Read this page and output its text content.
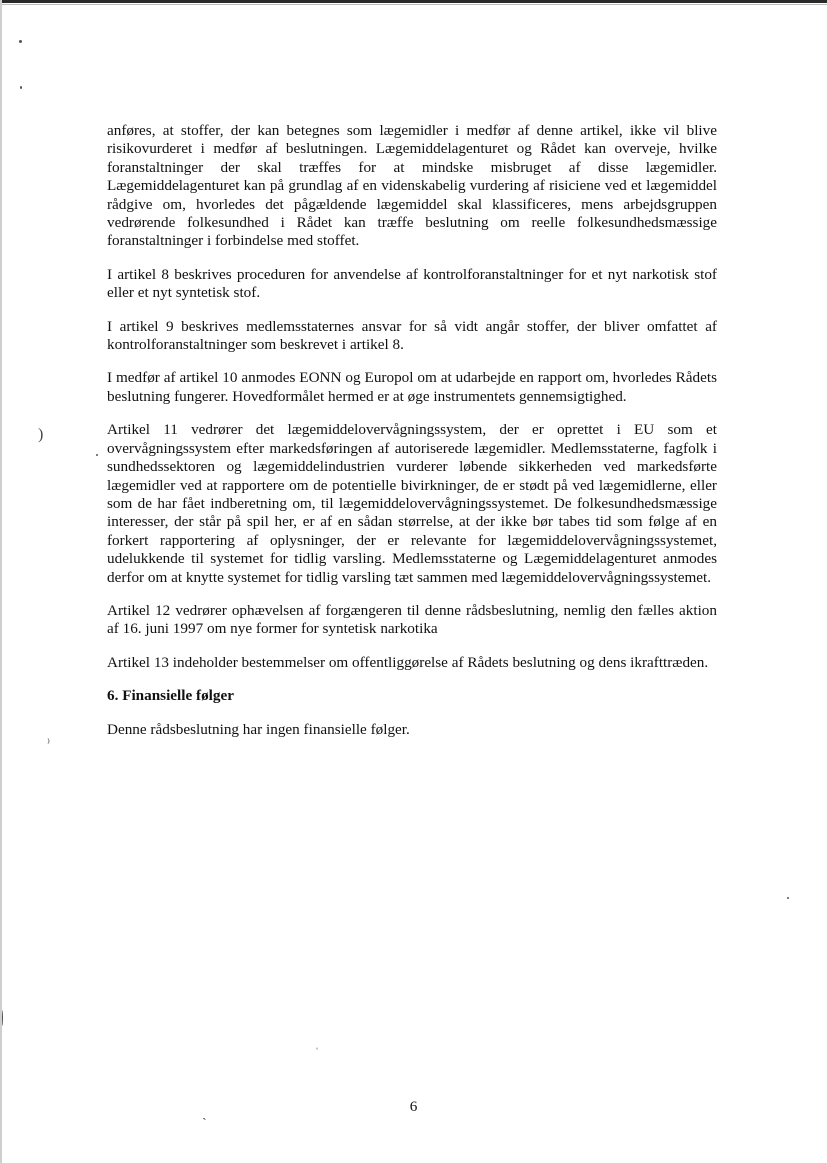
)
⁾
ˌ
ˏ

anføres, at stoffer, der kan betegnes som lægemidler i medfør af denne artikel, ikke vil blive risikovurderet i medfør af beslutningen. Lægemiddelagenturet og Rådet kan overveje, hvilke foranstaltninger der skal træffes for at mindske misbruget af disse lægemidler. Lægemiddelagenturet kan på grundlag af en videnskabelig vurdering af risiciene ved et lægemiddel rådgive om, hvorledes det pågældende lægemiddel skal klassificeres, mens arbejdsgruppen vedrørende folkesundhed i Rådet kan træffe beslutning om reelle folkesundhedsmæssige foranstaltninger i forbindelse med stoffet.

I artikel 8 beskrives proceduren for anvendelse af kontrolforanstaltninger for et nyt narkotisk stof eller et nyt syntetisk stof.

I artikel 9 beskrives medlemsstaternes ansvar for så vidt angår stoffer, der bliver omfattet af kontrolforanstaltninger som beskrevet i artikel 8.

I medfør af artikel 10 anmodes EONN og Europol om at udarbejde en rapport om, hvorledes Rådets beslutning fungerer. Hovedformålet hermed er at øge instrumentets gennemsigtighed.

Artikel 11 vedrører det lægemiddelovervågningssystem, der er oprettet i EU som et overvågningssystem efter markedsføringen af autoriserede lægemidler. Medlemsstaterne, fagfolk i sundhedssektoren og lægemiddelindustrien vurderer løbende sikkerheden ved markedsførte lægemidler ved at rapportere om de potentielle bivirkninger, de er stødt på ved lægemidlerne, eller som de har fået indberetning om, til lægemiddelovervågningssystemet. De folkesundhedsmæssige interesser, der står på spil her, er af en sådan størrelse, at der ikke bør tabes tid som følge af en forkert rapportering af oplysninger, der er relevante for lægemiddelovervågningssystemet, udelukkende til systemet for tidlig varsling. Medlemsstaterne og Lægemiddelagenturet anmodes derfor om at knytte systemet for tidlig varsling tæt sammen med lægemiddelovervågningssystemet.

Artikel 12 vedrører ophævelsen af forgængeren til denne rådsbeslutning, nemlig den fælles aktion af 16. juni 1997 om nye former for syntetisk narkotika

Artikel 13 indeholder bestemmelser om offentliggørelse af Rådets beslutning og dens ikrafttræden.

6. Finansielle følger

Denne rådsbeslutning har ingen finansielle følger.

6
